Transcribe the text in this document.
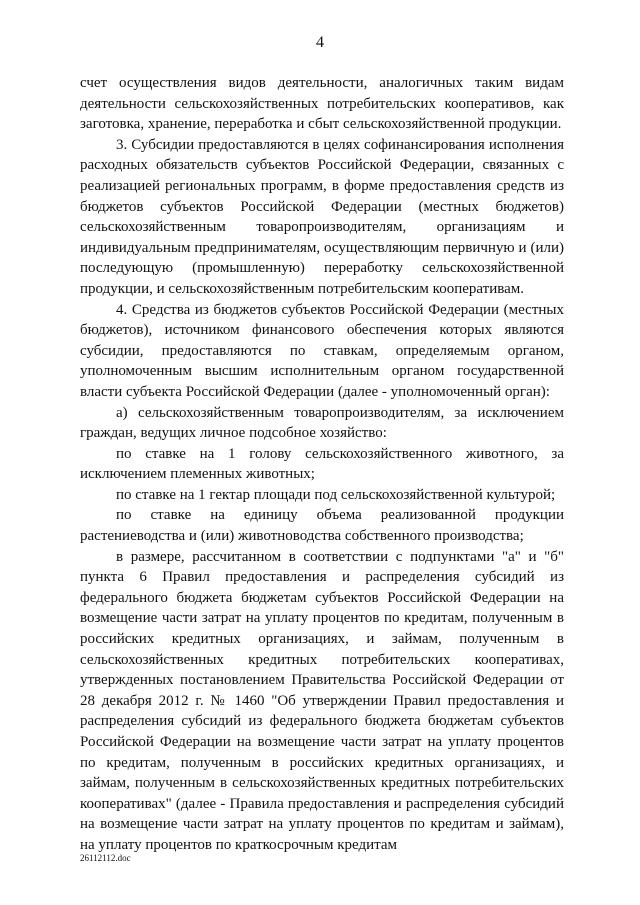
4

счет осуществления видов деятельности, аналогичных таким видам деятельности сельскохозяйственных потребительских кооперативов, как заготовка, хранение, переработка и сбыт сельскохозяйственной продукции.

3. Субсидии предоставляются в целях софинансирования исполнения расходных обязательств субъектов Российской Федерации, связанных с реализацией региональных программ, в форме предоставления средств из бюджетов субъектов Российской Федерации (местных бюджетов) сельскохозяйственным товаропроизводителям, организациям и индивидуальным предпринимателям, осуществляющим первичную и (или) последующую (промышленную) переработку сельскохозяйственной продукции, и сельскохозяйственным потребительским кооперативам.

4. Средства из бюджетов субъектов Российской Федерации (местных бюджетов), источником финансового обеспечения которых являются субсидии, предоставляются по ставкам, определяемым органом, уполномоченным высшим исполнительным органом государственной власти субъекта Российской Федерации (далее - уполномоченный орган):

а) сельскохозяйственным товаропроизводителям, за исключением граждан, ведущих личное подсобное хозяйство:

по ставке на 1 голову сельскохозяйственного животного, за исключением племенных животных;

по ставке на 1 гектар площади под сельскохозяйственной культурой;

по ставке на единицу объема реализованной продукции растениеводства и (или) животноводства собственного производства;

в размере, рассчитанном в соответствии с подпунктами "а" и "б" пункта 6 Правил предоставления и распределения субсидий из федерального бюджета бюджетам субъектов Российской Федерации на возмещение части затрат на уплату процентов по кредитам, полученным в российских кредитных организациях, и займам, полученным в сельскохозяйственных кредитных потребительских кооперативах, утвержденных постановлением Правительства Российской Федерации от 28 декабря 2012 г. № 1460 "Об утверждении Правил предоставления и распределения субсидий из федерального бюджета бюджетам субъектов Российской Федерации на возмещение части затрат на уплату процентов по кредитам, полученным в российских кредитных организациях, и займам, полученным в сельскохозяйственных кредитных потребительских кооперативах" (далее - Правила предоставления и распределения субсидий на возмещение части затрат на уплату процентов по кредитам и займам), на уплату процентов по краткосрочным кредитам

26112112.doc
